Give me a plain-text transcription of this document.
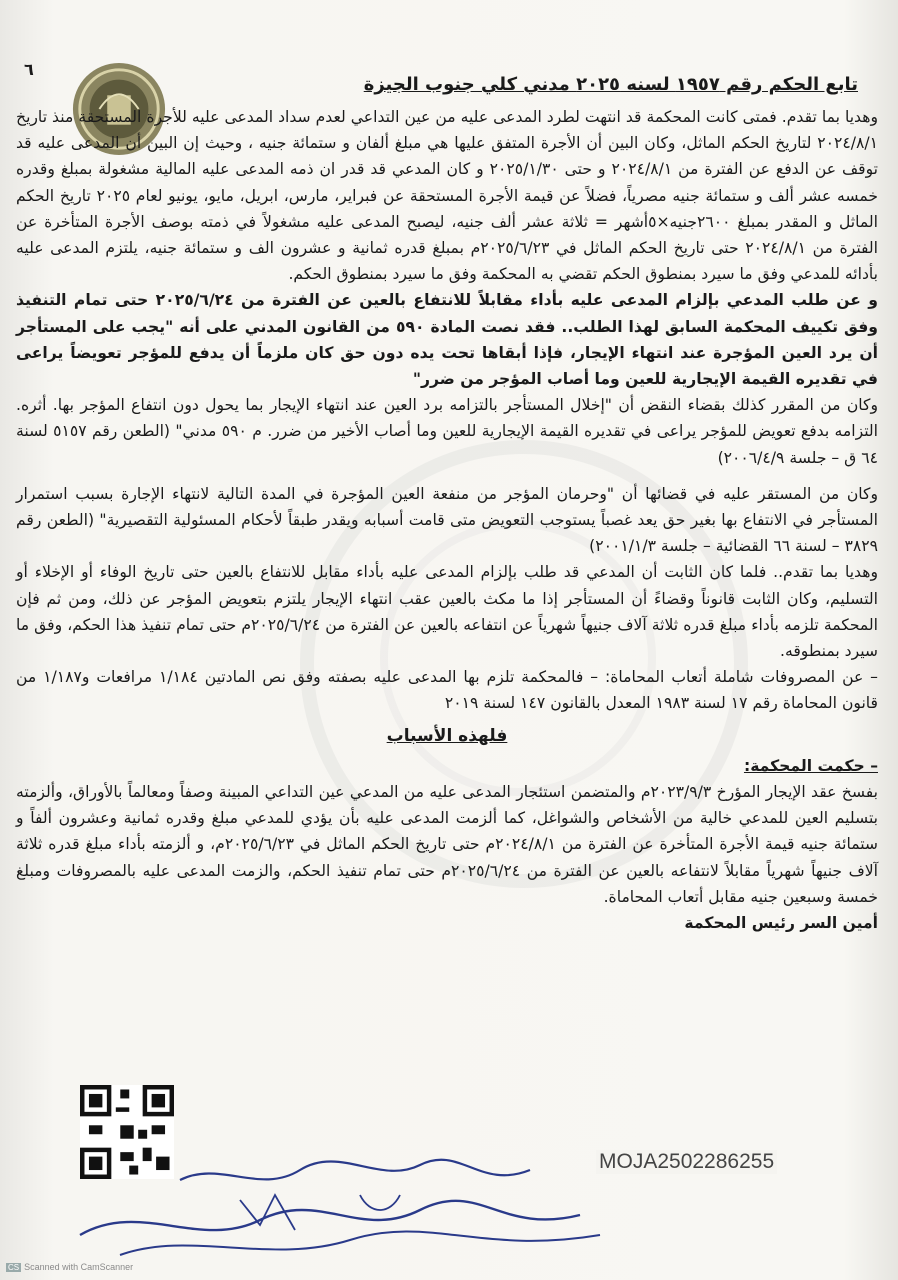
٦
تابع الحكم رقم ١٩٥٧ لسنه ٢٠٢٥ مدني كلي جنوب الجيزة

وهديا بما تقدم. فمتى كانت المحكمة قد انتهت لطرد المدعى عليه من عين التداعي لعدم سداد المدعى عليه للأجرة المستحقة منذ تاريخ ٢٠٢٤/٨/١ لتاريخ الحكم الماثل، وكان البين أن الأجرة المتفق عليها هي مبلغ ألفان و ستمائة جنيه ، وحيث إن البين أن المدعى عليه قد توقف عن الدفع عن الفترة من ٢٠٢٤/٨/١ و حتى ٢٠٢٥/١/٣٠ و كان المدعي قد قدر ان ذمه المدعى عليه المالية مشغولة بمبلغ وقدره خمسه عشر ألف و ستمائة جنيه مصرياً، فضلاً عن قيمة الأجرة المستحقة عن فبراير، مارس، ابريل، مايو، يونيو لعام ٢٠٢٥ تاريخ الحكم الماثل و المقدر بمبلغ ٢٦٠٠جنيه×٥أشهر = ثلاثة عشر ألف جنيه، ليصبح المدعى عليه مشغولاً في ذمته بوصف الأجرة المتأخرة عن الفترة من ٢٠٢٤/٨/١ حتى تاريخ الحكم الماثل في ٢٠٢٥/٦/٢٣م بمبلغ قدره ثمانية و عشرون الف و ستمائة جنيه، يلتزم المدعى عليه بأدائه للمدعي وفق ما سيرد بمنطوق الحكم تقضي به المحكمة وفق ما سيرد بمنطوق الحكم.

و عن طلب المدعي بإلزام المدعى عليه بأداء مقابلاً للانتفاع بالعين عن الفترة من ٢٠٢٥/٦/٢٤ حتى تمام التنفيذ وفق تكييف المحكمة السابق لهذا الطلب.. فقد نصت المادة ٥٩٠ من القانون المدني على أنه "يجب على المستأجر أن يرد العين المؤجرة عند انتهاء الإيجار، فإذا أبقاها تحت يده دون حق كان ملزماً أن يدفع للمؤجر تعويضاً يراعى في تقديره القيمة الإيجارية للعين وما أصاب المؤجر من ضرر"

وكان من المقرر كذلك بقضاء النقض أن "إخلال المستأجر بالتزامه برد العين عند انتهاء الإيجار بما يحول دون انتفاع المؤجر بها. أثره. التزامه بدفع تعويض للمؤجر يراعى في تقديره القيمة الإيجارية للعين وما أصاب الأخير من ضرر. م ٥٩٠ مدني" (الطعن رقم ٥١٥٧ لسنة ٦٤ ق – جلسة ٢٠٠٦/٤/٩)

وكان من المستقر عليه في قضائها أن "وحرمان المؤجر من منفعة العين المؤجرة في المدة التالية لانتهاء الإجارة بسبب استمرار المستأجر في الانتفاع بها بغير حق يعد غصباً يستوجب التعويض متى قامت أسبابه ويقدر طبقاً لأحكام المسئولية التقصيرية" (الطعن رقم ٣٨٢٩ – لسنة ٦٦ القضائية – جلسة ٢٠٠١/١/٣)

وهديا بما تقدم.. فلما كان الثابت أن المدعي قد طلب بإلزام المدعى عليه بأداء مقابل للانتفاع بالعين حتى تاريخ الوفاء أو الإخلاء أو التسليم، وكان الثابت قانوناً وقضاءً أن المستأجر إذا ما مكث بالعين عقب انتهاء الإيجار يلتزم بتعويض المؤجر عن ذلك، ومن ثم فإن المحكمة تلزمه بأداء مبلغ قدره ثلاثة آلاف جنيهاً شهرياً عن انتفاعه بالعين عن الفترة من ٢٠٢٥/٦/٢٤م حتى تمام تنفيذ هذا الحكم، وفق ما سيرد بمنطوقه.

– عن المصروفات شاملة أتعاب المحاماة: – فالمحكمة تلزم بها المدعى عليه بصفته وفق نص المادتين ١/١٨٤ مرافعات و١/١٨٧ من قانون المحاماة رقم ١٧ لسنة ١٩٨٣ المعدل بالقانون ١٤٧ لسنة ٢٠١٩

فلهذه الأسباب

– حكمت المحكمة:

بفسخ عقد الإيجار المؤرخ ٢٠٢٣/٩/٣م والمتضمن استئجار المدعى عليه من المدعي عين التداعي المبينة وصفاً ومعالماً بالأوراق، وألزمته بتسليم العين للمدعي خالية من الأشخاص والشواغل، كما ألزمت المدعى عليه بأن يؤدي للمدعي مبلغ وقدره ثمانية وعشرون ألفاً و ستمائة جنيه قيمة الأجرة المتأخرة عن الفترة من ٢٠٢٤/٨/١م حتى تاريخ الحكم الماثل في ٢٠٢٥/٦/٢٣م، و ألزمته بأداء مبلغ قدره ثلاثة آلاف جنيهاً شهرياً مقابلاً لانتفاعه بالعين عن الفترة من ٢٠٢٥/٦/٢٤م حتى تمام تنفيذ الحكم، والزمت المدعى عليه بالمصروفات ومبلغ خمسة وسبعين جنيه مقابل أتعاب المحاماة.

أمين السر رئيس المحكمة

MOJA2502286255
CS Scanned with CamScanner
